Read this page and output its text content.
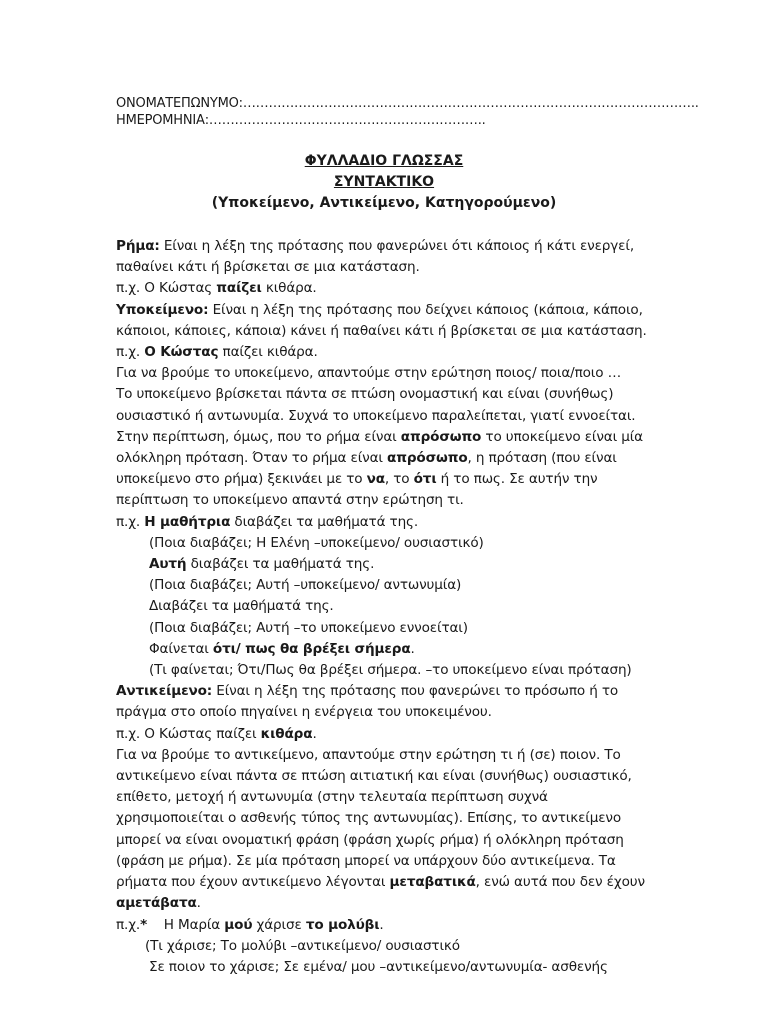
ΟΝΟΜΑΤΕΠΩΝΥΜΟ:……………………………………………………………………………………………..
ΗΜΕΡΟΜΗΝΙΑ:………………………………………………………..
ΦΥΛΛΑΔΙΟ ΓΛΩΣΣΑΣ
ΣΥΝΤΑΚΤΙΚΟ
(Υποκείμενο, Αντικείμενο, Κατηγορούμενο)
Ρήμα: Είναι η λέξη της πρότασης που φανερώνει ότι κάποιος ή κάτι ενεργεί,
παθαίνει κάτι ή βρίσκεται σε μια κατάσταση.
π.χ. Ο Κώστας παίζει κιθάρα.
Υποκείμενο: Είναι η λέξη της πρότασης που δείχνει κάποιος (κάποια, κάποιο,
κάποιοι, κάποιες, κάποια) κάνει ή παθαίνει κάτι ή βρίσκεται σε μια κατάσταση.
π.χ. Ο Κώστας παίζει κιθάρα.
Για να βρούμε το υποκείμενο, απαντούμε στην ερώτηση ποιος/ ποια/ποιο …
Το υποκείμενο βρίσκεται πάντα σε πτώση ονομαστική και είναι (συνήθως)
ουσιαστικό ή αντωνυμία. Συχνά το υποκείμενο παραλείπεται, γιατί εννοείται.
Στην περίπτωση, όμως, που το ρήμα είναι απρόσωπο το υποκείμενο είναι μία
ολόκληρη πρόταση. Όταν το ρήμα είναι απρόσωπο, η πρόταση (που είναι
υποκείμενο στο ρήμα) ξεκινάει με το να, το ότι ή το πως. Σε αυτήν την
περίπτωση το υποκείμενο απαντά στην ερώτηση τι.
π.χ. Η μαθήτρια διαβάζει τα μαθήματά της.
(Ποια διαβάζει; Η Ελένη –υποκείμενο/ ουσιαστικό)
Αυτή διαβάζει τα μαθήματά της.
(Ποια διαβάζει; Αυτή –υποκείμενο/ αντωνυμία)
Διαβάζει τα μαθήματά της.
(Ποια διαβάζει; Αυτή –το υποκείμενο εννοείται)
Φαίνεται ότι/ πως θα βρέξει σήμερα.
(Τι φαίνεται; Ότι/Πως θα βρέξει σήμερα. –το υποκείμενο είναι πρόταση)
Αντικείμενο: Είναι η λέξη της πρότασης που φανερώνει το πρόσωπο ή το
πράγμα στο οποίο πηγαίνει η ενέργεια του υποκειμένου.
π.χ. Ο Κώστας παίζει κιθάρα.
Για να βρούμε το αντικείμενο, απαντούμε στην ερώτηση τι ή (σε) ποιον. Το
αντικείμενο είναι πάντα σε πτώση αιτιατική και είναι (συνήθως) ουσιαστικό,
επίθετο, μετοχή ή αντωνυμία (στην τελευταία περίπτωση συχνά
χρησιμοποιείται ο ασθενής τύπος της αντωνυμίας). Επίσης, το αντικείμενο
μπορεί να είναι ονοματική φράση (φράση χωρίς ρήμα) ή ολόκληρη πρόταση
(φράση με ρήμα). Σε μία πρόταση μπορεί να υπάρχουν δύο αντικείμενα. Τα
ρήματα που έχουν αντικείμενο λέγονται μεταβατικά, ενώ αυτά που δεν έχουν
αμετάβατα.
π.χ.*    Η Μαρία μού χάρισε το μολύβι.
(Τι χάρισε; Το μολύβι –αντικείμενο/ ουσιαστικό
Σε ποιον το χάρισε; Σε εμένα/ μου –αντικείμενο/αντωνυμία- ασθενής
